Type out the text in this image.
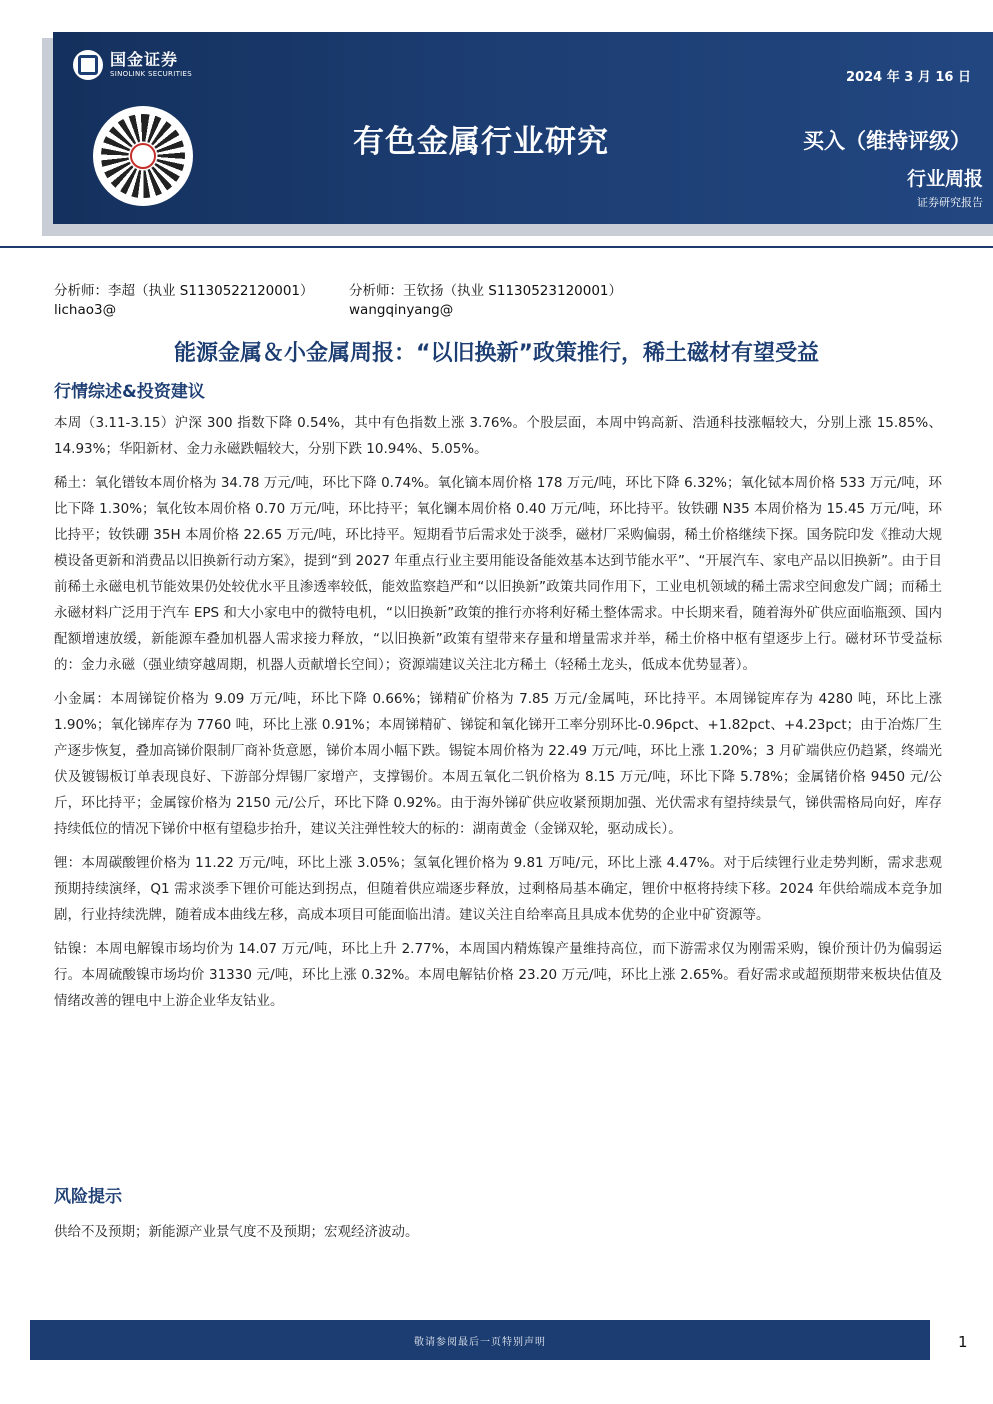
国金证券
SINOLINK SECURITIES	2024 年 3 月 16 日
有色金属行业研究	买入（维持评级）
行业周报
证券研究报告
分析师：李超（执业 S1130522120001）
lichao3@
分析师：王钦扬（执业 S1130523120001）
wangqinyang@
能源金属＆小金属周报：“以旧换新”政策推行，稀土磁材有望受益
行情综述&投资建议

本周（3.11-3.15）沪深 300 指数下降 0.54%，其中有色指数上涨 3.76%。个股层面，本周中钨高新、浩通科技涨幅较大，分别上涨 15.85%、14.93%；华阳新材、金力永磁跌幅较大，分别下跌 10.94%、5.05%。

稀土：氧化镨钕本周价格为 34.78 万元/吨，环比下降 0.74%。氧化镝本周价格 178 万元/吨，环比下降 6.32%；氧化铽本周价格 533 万元/吨，环比下降 1.30%；氧化钕本周价格 0.70 万元/吨，环比持平；氧化镧本周价格 0.40 万元/吨，环比持平。钕铁硼 N35 本周价格为 15.45 万元/吨，环比持平；钕铁硼 35H 本周价格 22.65 万元/吨，环比持平。短期看节后需求处于淡季，磁材厂采购偏弱，稀土价格继续下探。国务院印发《推动大规模设备更新和消费品以旧换新行动方案》，提到“到 2027 年重点行业主要用能设备能效基本达到节能水平”、“开展汽车、家电产品以旧换新”。由于目前稀土永磁电机节能效果仍处较优水平且渗透率较低，能效监察趋严和“以旧换新”政策共同作用下，工业电机领域的稀土需求空间愈发广阔；而稀土永磁材料广泛用于汽车 EPS 和大小家电中的微特电机，“以旧换新”政策的推行亦将利好稀土整体需求。中长期来看，随着海外矿供应面临瓶颈、国内配额增速放缓，新能源车叠加机器人需求接力释放，“以旧换新”政策有望带来存量和增量需求并举，稀土价格中枢有望逐步上行。磁材环节受益标的：金力永磁（强业绩穿越周期，机器人贡献增长空间）；资源端建议关注北方稀土（轻稀土龙头，低成本优势显著）。

小金属：本周锑锭价格为 9.09 万元/吨，环比下降 0.66%；锑精矿价格为 7.85 万元/金属吨，环比持平。本周锑锭库存为 4280 吨，环比上涨 1.90%；氧化锑库存为 7760 吨，环比上涨 0.91%；本周锑精矿、锑锭和氧化锑开工率分别环比-0.96pct、+1.82pct、+4.23pct；由于冶炼厂生产逐步恢复，叠加高锑价限制厂商补货意愿，锑价本周小幅下跌。锡锭本周价格为 22.49 万元/吨，环比上涨 1.20%；3 月矿端供应仍趋紧，终端光伏及镀锡板订单表现良好、下游部分焊锡厂家增产，支撑锡价。本周五氧化二钒价格为 8.15 万元/吨，环比下降 5.78%；金属锗价格 9450 元/公斤，环比持平；金属镓价格为 2150 元/公斤，环比下降 0.92%。由于海外锑矿供应收紧预期加强、光伏需求有望持续景气，锑供需格局向好，库存持续低位的情况下锑价中枢有望稳步抬升，建议关注弹性较大的标的：湖南黄金（金锑双轮，驱动成长）。

锂：本周碳酸锂价格为 11.22 万元/吨，环比上涨 3.05%；氢氧化锂价格为 9.81 万吨/元，环比上涨 4.47%。对于后续锂行业走势判断，需求悲观预期持续演绎，Q1 需求淡季下锂价可能达到拐点，但随着供应端逐步释放，过剩格局基本确定，锂价中枢将持续下移。2024 年供给端成本竞争加剧，行业持续洗牌，随着成本曲线左移，高成本项目可能面临出清。建议关注自给率高且具成本优势的企业中矿资源等。

钴镍：本周电解镍市场均价为 14.07 万元/吨，环比上升 2.77%，本周国内精炼镍产量维持高位，而下游需求仅为刚需采购，镍价预计仍为偏弱运行。本周硫酸镍市场均价 31330 元/吨，环比上涨 0.32%。本周电解钴价格 23.20 万元/吨，环比上涨 2.65%。看好需求或超预期带来板块估值及情绪改善的锂电中上游企业华友钴业。

风险提示

供给不及预期；新能源产业景气度不及预期；宏观经济波动。

敬请参阅最后一页特别声明	1
